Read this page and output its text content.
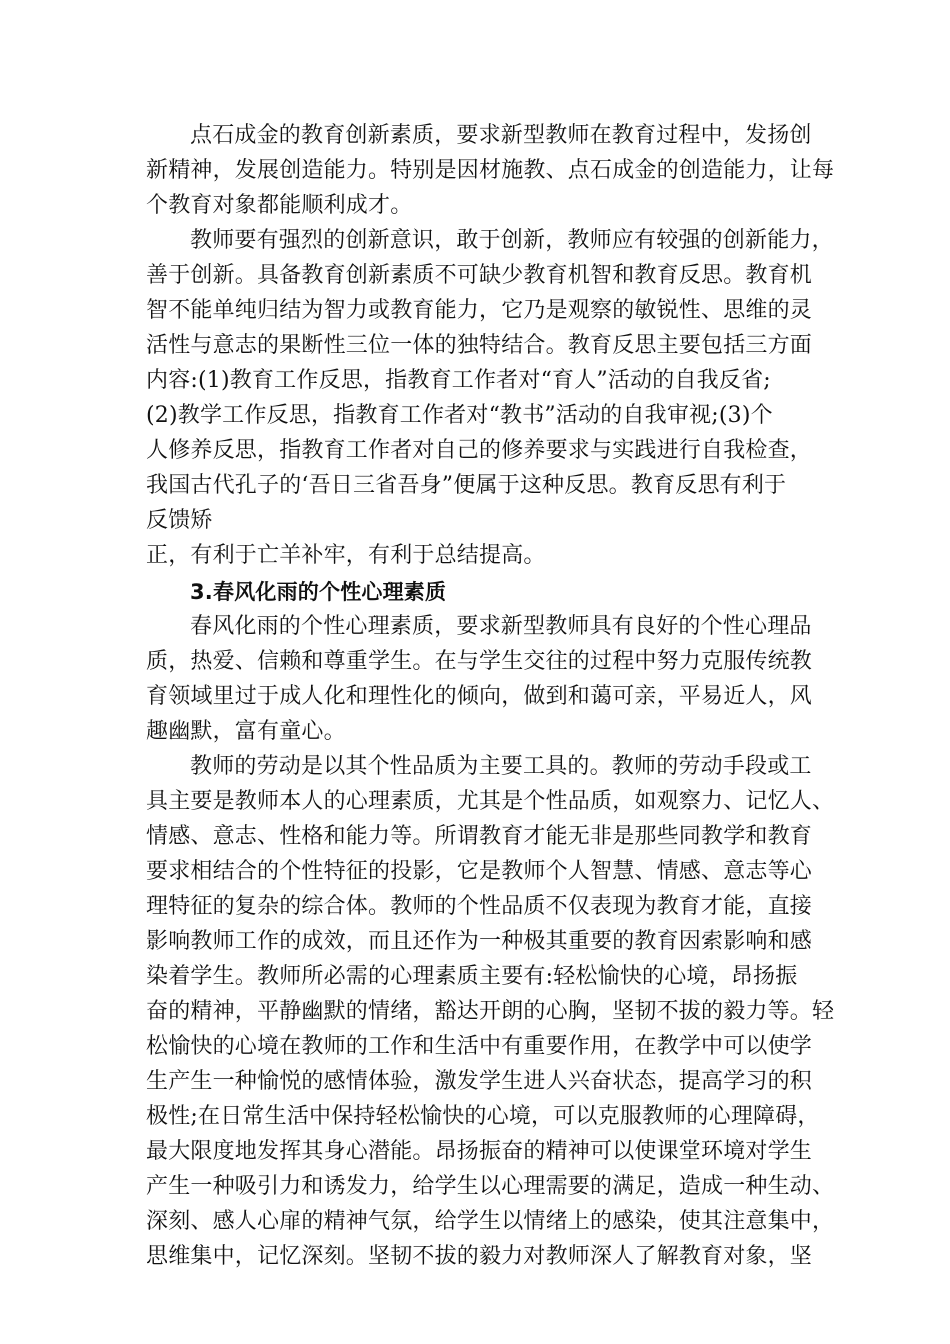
点石成金的教育创新素质，要求新型教师在教育过程中，发扬创
新精神，发展创造能力。特别是因材施教、点石成金的创造能力，让每
个教育对象都能顺利成才。
教师要有强烈的创新意识，敢于创新，教师应有较强的创新能力，
善于创新。具备教育创新素质不可缺少教育机智和教育反思。教育机
智不能单纯归结为智力或教育能力，它乃是观察的敏锐性、思维的灵
活性与意志的果断性三位一体的独特结合。教育反思主要包括三方面
内容:(1)教育工作反思，指教育工作者对“育人”活动的自我反省;
(2)教学工作反思，指教育工作者对“教书”活动的自我审视;(3)个
人修养反思，指教育工作者对自己的修养要求与实践进行自我检查，
我国古代孔子的‘吾日三省吾身”便属于这种反思。教育反思有利于
反馈矫
正，有利于亡羊补牢，有利于总结提高。
3.春风化雨的个性心理素质
春风化雨的个性心理素质，要求新型教师具有良好的个性心理品
质，热爱、信赖和尊重学生。在与学生交往的过程中努力克服传统教
育领域里过于成人化和理性化的倾向，做到和蔼可亲，平易近人，风
趣幽默，富有童心。
教师的劳动是以其个性品质为主要工具的。教师的劳动手段或工
具主要是教师本人的心理素质，尤其是个性品质，如观察力、记忆人、
情感、意志、性格和能力等。所谓教育才能无非是那些同教学和教育
要求相结合的个性特征的投影，它是教师个人智慧、情感、意志等心
理特征的复杂的综合体。教师的个性品质不仅表现为教育才能，直接
影响教师工作的成效，而且还作为一种极其重要的教育因索影响和感
染着学生。教师所必需的心理素质主要有:轻松愉快的心境，昂扬振
奋的精神，平静幽默的情绪，豁达开朗的心胸，坚韧不拔的毅力等。轻
松愉快的心境在教师的工作和生活中有重要作用，在教学中可以使学
生产生一种愉悦的感情体验，激发学生进人兴奋状态，提高学习的积
极性;在日常生活中保持轻松愉快的心境，可以克服教师的心理障碍，
最大限度地发挥其身心潜能。昂扬振奋的精神可以使课堂环境对学生
产生一种吸引力和诱发力，给学生以心理需要的满足，造成一种生动、
深刻、感人心扉的精神气氛，给学生以情绪上的感染，使其注意集中，
思维集中，记忆深刻。坚韧不拔的毅力对教师深人了解教育对象，坚
